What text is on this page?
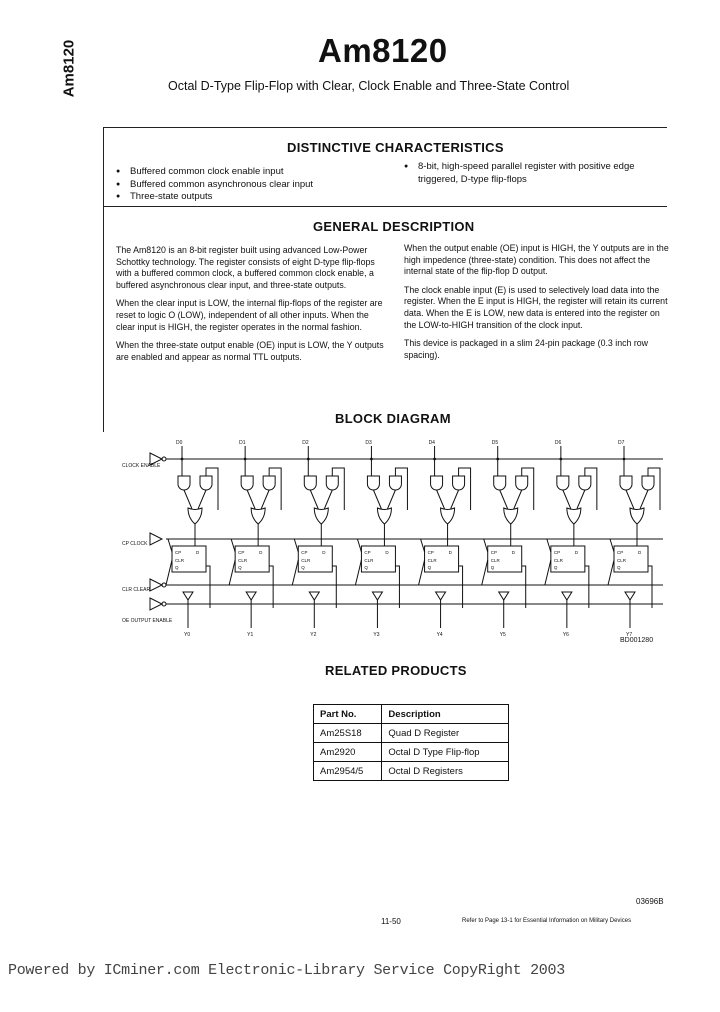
Am8120	Am8120
Octal D-Type Flip-Flop with Clear, Clock Enable and Three-State Control
DISTINCTIVE CHARACTERISTICS
● Buffered common clock enable input
● Buffered common asynchronous clear input
● Three-state outputs
● 8-bit, high-speed parallel register with positive edge triggered, D-type flip-flops
GENERAL DESCRIPTION

The Am8120 is an 8-bit register built using advanced Low-Power Schottky technology. The register consists of eight D-type flip-flops with a buffered common clock, a buffered common clock enable, a buffered asynchronous clear input, and three-state outputs.

When the clear input is LOW, the internal flip-flops of the register are reset to logic O (LOW), independent of all other inputs. When the clear input is HIGH, the register operates in the normal fashion.

When the three-state output enable (OE) input is LOW, the Y outputs are enabled and appear as normal TTL outputs.

When the output enable (OE) input is HIGH, the Y outputs are in the high impedence (three-state) condition. This does not affect the internal state of the flip-flop D output.

The clock enable input (E) is used to selectively load data into the register. When the E input is HIGH, the register will retain its current data. When the E is LOW, new data is entered into the register on the LOW-to-HIGH transition of the clock input.

This device is packaged in a slim 24-pin package (0.3 inch row spacing).

BLOCK DIAGRAM
D0
CP	D
CLR
Q
Y0
D1
CP	D
CLR
Q
Y1
D2
CP	D
CLR
Q
Y2
D3
CP	D
CLR
Q
Y3
D4
CP	D
CLR
Q
Y4
D5
CP	D
CLR
Q
Y5
D6
CP	D
CLR
Q
Y6
D7
CP	D
CLR
Q
Y7
CLOCK ENABLE
CP CLOCK
CLR CLEAR
OE OUTPUT ENABLE
BD001280
RELATED PRODUCTS
Part No.	Description
Am25S18	Quad D Register
Am2920	Octal D Type Flip-flop
Am2954/5	Octal D Registers
03696B
11-50	Refer to Page 13-1 for Essential Information on Military Devices
Powered by ICminer.com Electronic-Library Service CopyRight 2003
